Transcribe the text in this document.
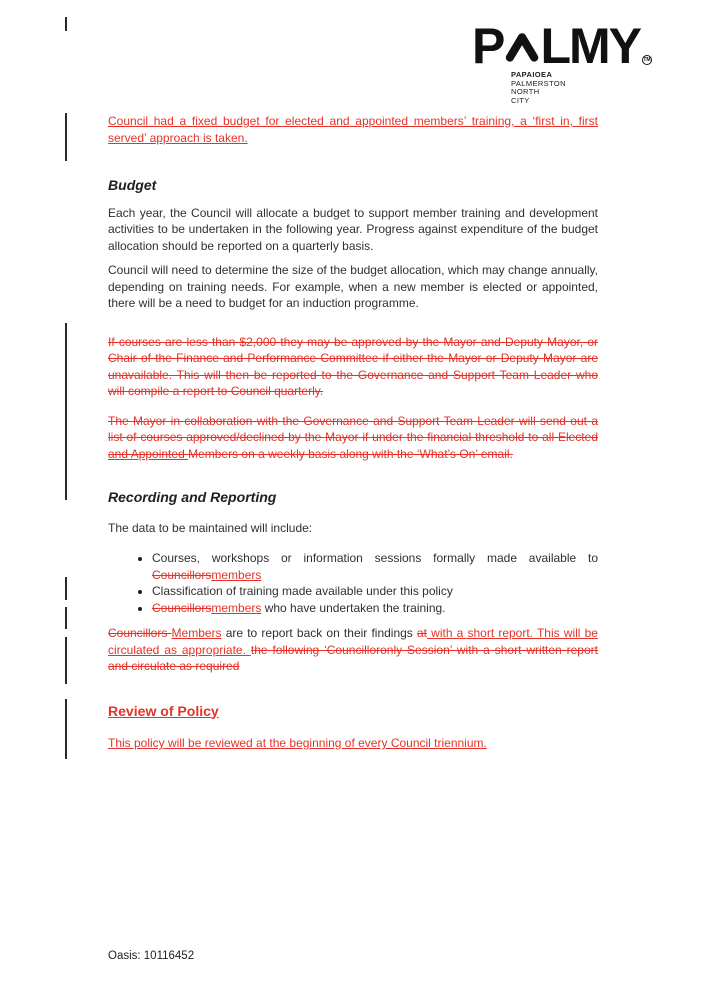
P LMY TM
PAPAIOEA
PALMERSTON
NORTH
CITY

Council had a fixed budget for elected and appointed members’ training, a ‘first in, first served’ approach is taken.

Budget

Each year, the Council will allocate a budget to support member training and development activities to be undertaken in the following year. Progress against expenditure of the budget allocation should be reported on a quarterly basis.

Council will need to determine the size of the budget allocation, which may change annually, depending on training needs. For example, when a new member is elected or appointed, there will be a need to budget for an induction programme.

If courses are less than $2,000 they may be approved by the Mayor and Deputy Mayor, or Chair of the Finance and Performance Committee if either the Mayor or Deputy Mayor are unavailable. This will then be reported to the Governance and Support Team Leader who will compile a report to Council quarterly.

The Mayor in collaboration with the Governance and Support Team Leader will send out a list of courses approved/declined by the Mayor if under the financial threshold to all Elected and Appointed Members on a weekly basis along with the ‘What’s On’ email.

Recording and Reporting

The data to be maintained will include:

• Courses, workshops or information sessions formally made available to Councillorsmembers
• Classification of training made available under this policy
• Councillorsmembers who have undertaken the training.

Councillors Members are to report back on their findings at with a short report. This will be circulated as appropriate. the following ‘Councilloronly Session’ with a short written report and circulate as required

Review of Policy

This policy will be reviewed at the beginning of every Council triennium.

Oasis: 10116452
